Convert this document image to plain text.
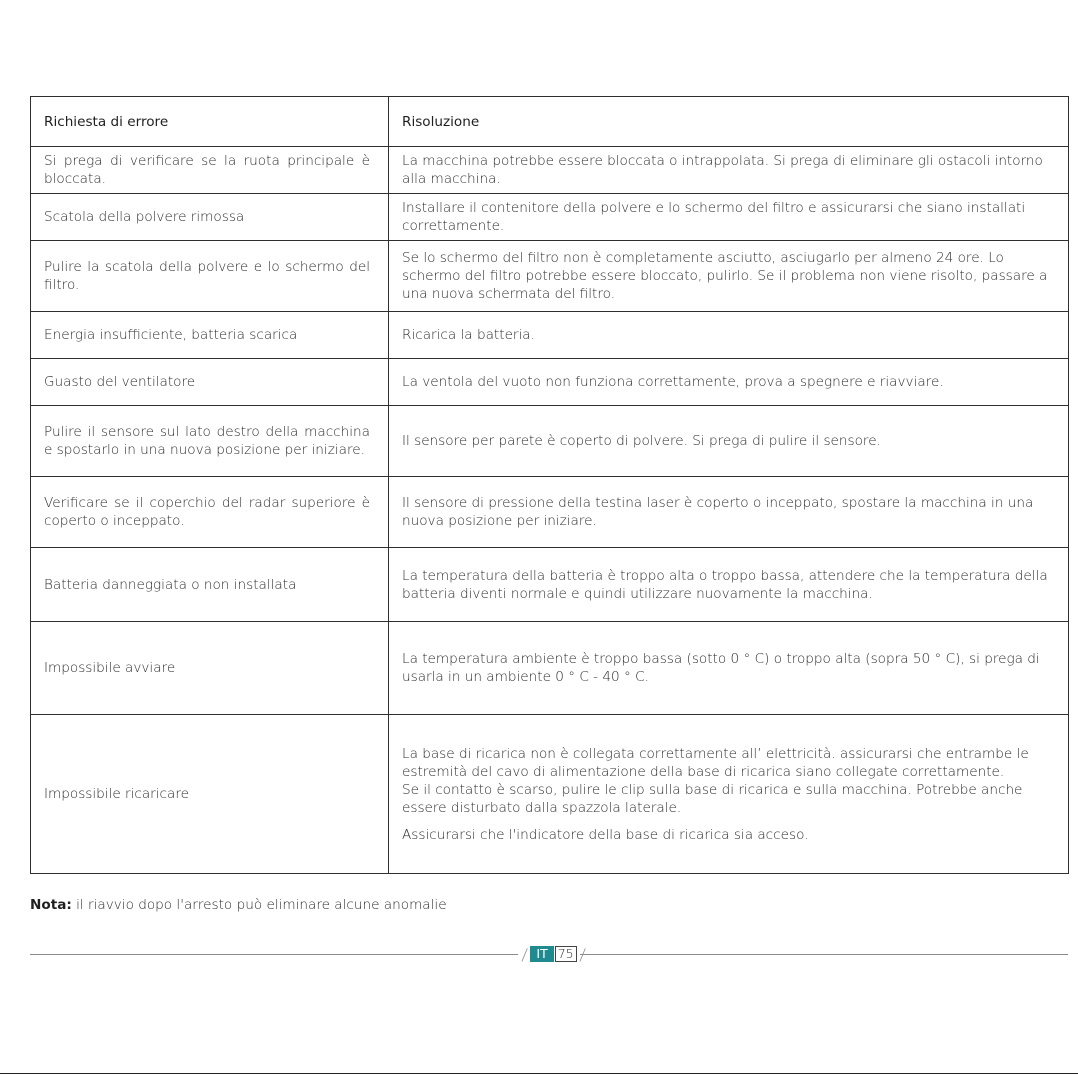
Richiesta di errore	Risoluzione
Si prega di verificare se la ruota principale è bloccata.	La macchina potrebbe essere bloccata o intrappolata. Si prega di eliminare gli ostacoli intorno alla macchina.

Scatola della polvere rimossa	Installare il contenitore della polvere e lo schermo del filtro e assicurarsi che siano installati correttamente.

Pulire la scatola della polvere e lo schermo del filtro.	Se lo schermo del filtro non è completamente asciutto, asciugarlo per almeno 24 ore. Lo schermo del filtro potrebbe essere bloccato, pulirlo. Se il problema non viene risolto, passare a una nuova schermata del filtro.

Energia insufficiente, batteria scarica	Ricarica la batteria.

Guasto del ventilatore	La ventola del vuoto non funziona correttamente, prova a spegnere e riavviare.

Pulire il sensore sul lato destro della macchina e spostarlo in una nuova posizione per iniziare.	Il sensore per parete è coperto di polvere. Si prega di pulire il sensore.

Verificare se il coperchio del radar superiore è coperto o inceppato.	Il sensore di pressione della testina laser è coperto o inceppato, spostare la macchina in una nuova posizione per iniziare.

Batteria danneggiata o non installata	La temperatura della batteria è troppo alta o troppo bassa, attendere che la temperatura della batteria diventi normale e quindi utilizzare nuovamente la macchina.

Impossibile avviare	La temperatura ambiente è troppo bassa (sotto 0 ° C) o troppo alta (sopra 50 ° C), si prega di usarla in un ambiente 0 ° C - 40 ° C.

Impossibile ricaricare	La base di ricarica non è collegata correttamente all’ elettricità. assicurarsi che entrambe le estremità del cavo di alimentazione della base di ricarica siano collegate correttamente.
Se il contatto è scarso, pulire le clip sulla base di ricarica e sulla macchina. Potrebbe anche essere disturbato dalla spazzola laterale.
Assicurarsi che l'indicatore della base di ricarica sia acceso.
Nota: il riavvio dopo l'arresto può eliminare alcune anomalie
/ IT 75
